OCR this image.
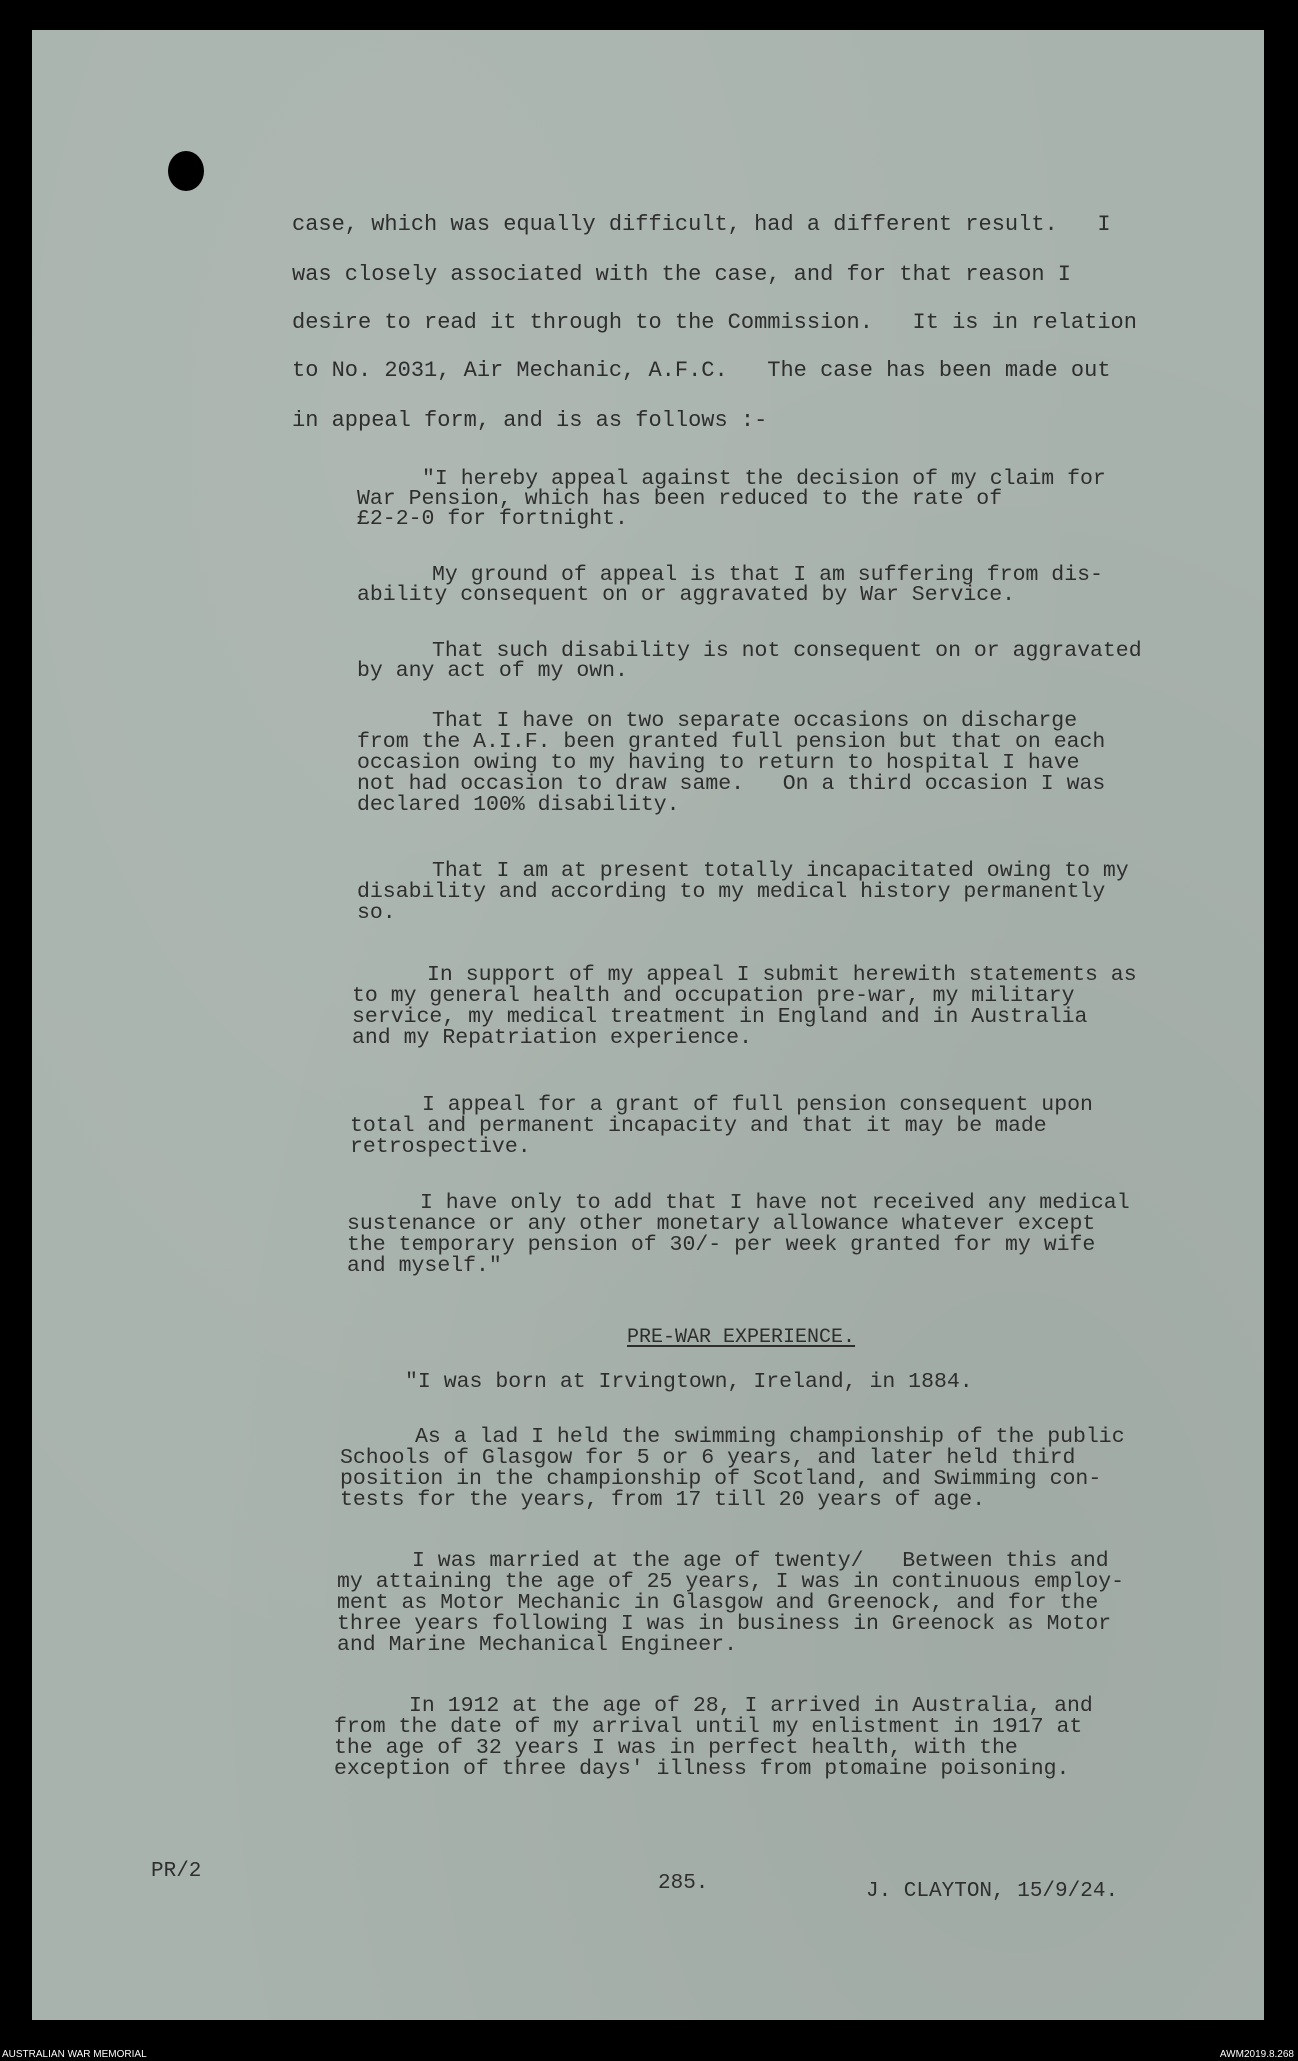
case, which was equally difficult, had a different result.   I

was closely associated with the case, and for that reason I

desire to read it through to the Commission.   It is in relation

to No. 2031, Air Mechanic, A.F.C.   The case has been made out

in appeal form, and is as follows :-

"I hereby appeal against the decision of my claim for

War Pension, which has been reduced to the rate of

£2-2-0 for fortnight.

My ground of appeal is that I am suffering from dis-

ability consequent on or aggravated by War Service.

That such disability is not consequent on or aggravated

by any act of my own.

That I have on two separate occasions on discharge

from the A.I.F. been granted full pension but that on each

occasion owing to my having to return to hospital I have

not had occasion to draw same.   On a third occasion I was

declared 100% disability.

That I am at present totally incapacitated owing to my

disability and according to my medical history permanently

so.

In support of my appeal I submit herewith statements as

to my general health and occupation pre-war, my military

service, my medical treatment in England and in Australia

and my Repatriation experience.

I appeal for a grant of full pension consequent upon

total and permanent incapacity and that it may be made

retrospective.

I have only to add that I have not received any medical

sustenance or any other monetary allowance whatever except

the temporary pension of 30/- per week granted for my wife

and myself."

PRE-WAR EXPERIENCE.

"I was born at Irvingtown, Ireland, in 1884.

As a lad I held the swimming championship of the public

Schools of Glasgow for 5 or 6 years, and later held third

position in the championship of Scotland, and Swimming con-

tests for the years, from 17 till 20 years of age.

I was married at the age of twenty/   Between this and

my attaining the age of 25 years, I was in continuous employ-

ment as Motor Mechanic in Glasgow and Greenock, and for the

three years following I was in business in Greenock as Motor

and Marine Mechanical Engineer.

In 1912 at the age of 28, I arrived in Australia, and

from the date of my arrival until my enlistment in 1917 at

the age of 32 years I was in perfect health, with the

exception of three days' illness from ptomaine poisoning.

PR/2

285.	J. CLAYTON, 15/9/24.

AUSTRALIAN WAR MEMORIAL	AWM2019.8.268
